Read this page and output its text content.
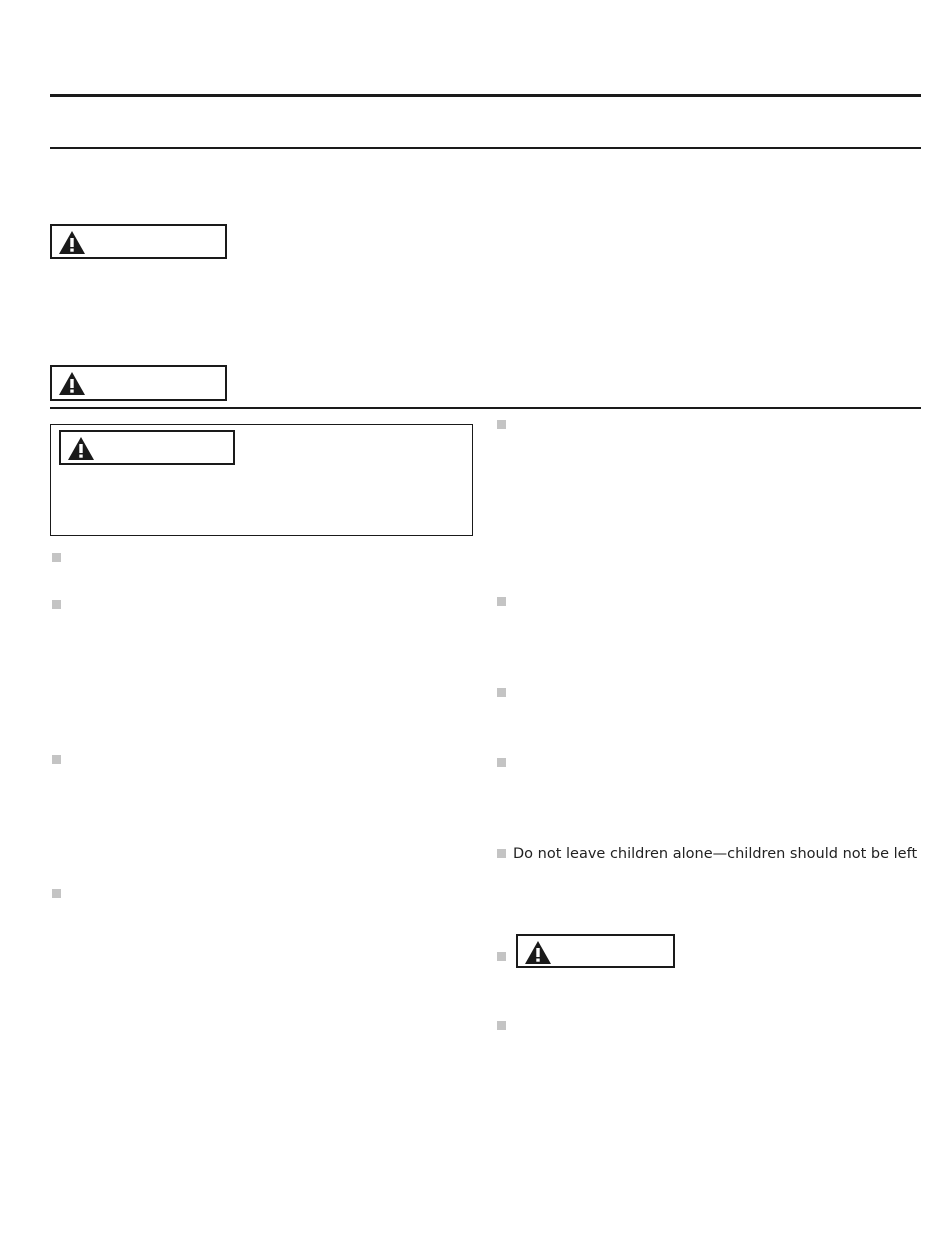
Do not leave children alone—children should not be left
